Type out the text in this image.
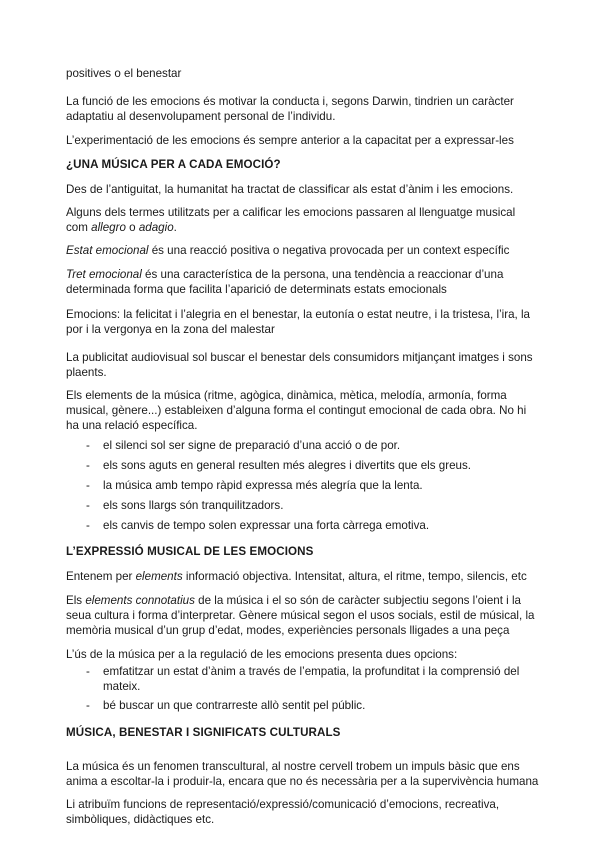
positives o el benestar

La funció de les emocions és motivar la conducta i, segons Darwin, tindrien un caràcter adaptatiu al desenvolupament personal de l’individu.

L’experimentació de les emocions és sempre anterior a la capacitat per a expressar-les

¿UNA MÚSICA PER A CADA EMOCIÓ?

Des de l’antiguitat, la humanitat ha tractat de classificar als estat d’ànim i les emocions.

Alguns dels termes utilitzats per a calificar les emocions passaren al llenguatge musical com allegro o adagio.

Estat emocional és una reacció positiva o negativa provocada per un context específic

Tret emocional és una característica de la persona, una tendència a reaccionar d’una determinada forma que facilita l’aparició de determinats estats emocionals

Emocions: la felicitat i l’alegria en el benestar, la eutonía o estat neutre, i la tristesa, l’ira, la por i la vergonya en la zona del malestar

La publicitat audiovisual sol buscar el benestar dels consumidors mitjançant imatges i sons plaents.

Els elements de la música (ritme, agògica, dinàmica, mètica, melodía, armonía, forma musical, gènere...) estableixen d’alguna forma el contingut emocional de cada obra. No hi ha una relació específica.

- el silenci sol ser signe de preparació d’una acció o de por.
- els sons aguts en general resulten més alegres i divertits que els greus.
- la música amb tempo ràpid expressa més alegría que la lenta.
- els sons llargs són tranquilitzadors.
- els canvis de tempo solen expressar una forta càrrega emotiva.

L’EXPRESSIÓ MUSICAL DE LES EMOCIONS

Entenem per elements informació objectiva. Intensitat, altura, el ritme, tempo, silencis, etc

Els elements connotatius de la música i el so són de caràcter subjectiu segons l’oient i la seua cultura i forma d’interpretar. Gènere músical segon el usos socials, estil de músical, la memòria musical d’un grup d’edat, modes, experiències personals lligades a una peça

L’ús de la música per a la regulació de les emocions presenta dues opcions:

- emfatitzar un estat d’ànim a través de l’empatia, la profunditat i la comprensió del mateix.
- bé buscar un que contrarreste allò sentit pel públic.

MÚSICA, BENESTAR I SIGNIFICATS CULTURALS

La música és un fenomen transcultural, al nostre cervell trobem un impuls bàsic que ens anima a escoltar-la i produir-la, encara que no és necessària per a la supervivència humana

Li atribuïm funcions de representació/expressió/comunicació d’emocions, recreativa, simbòliques, didàctiques etc.
